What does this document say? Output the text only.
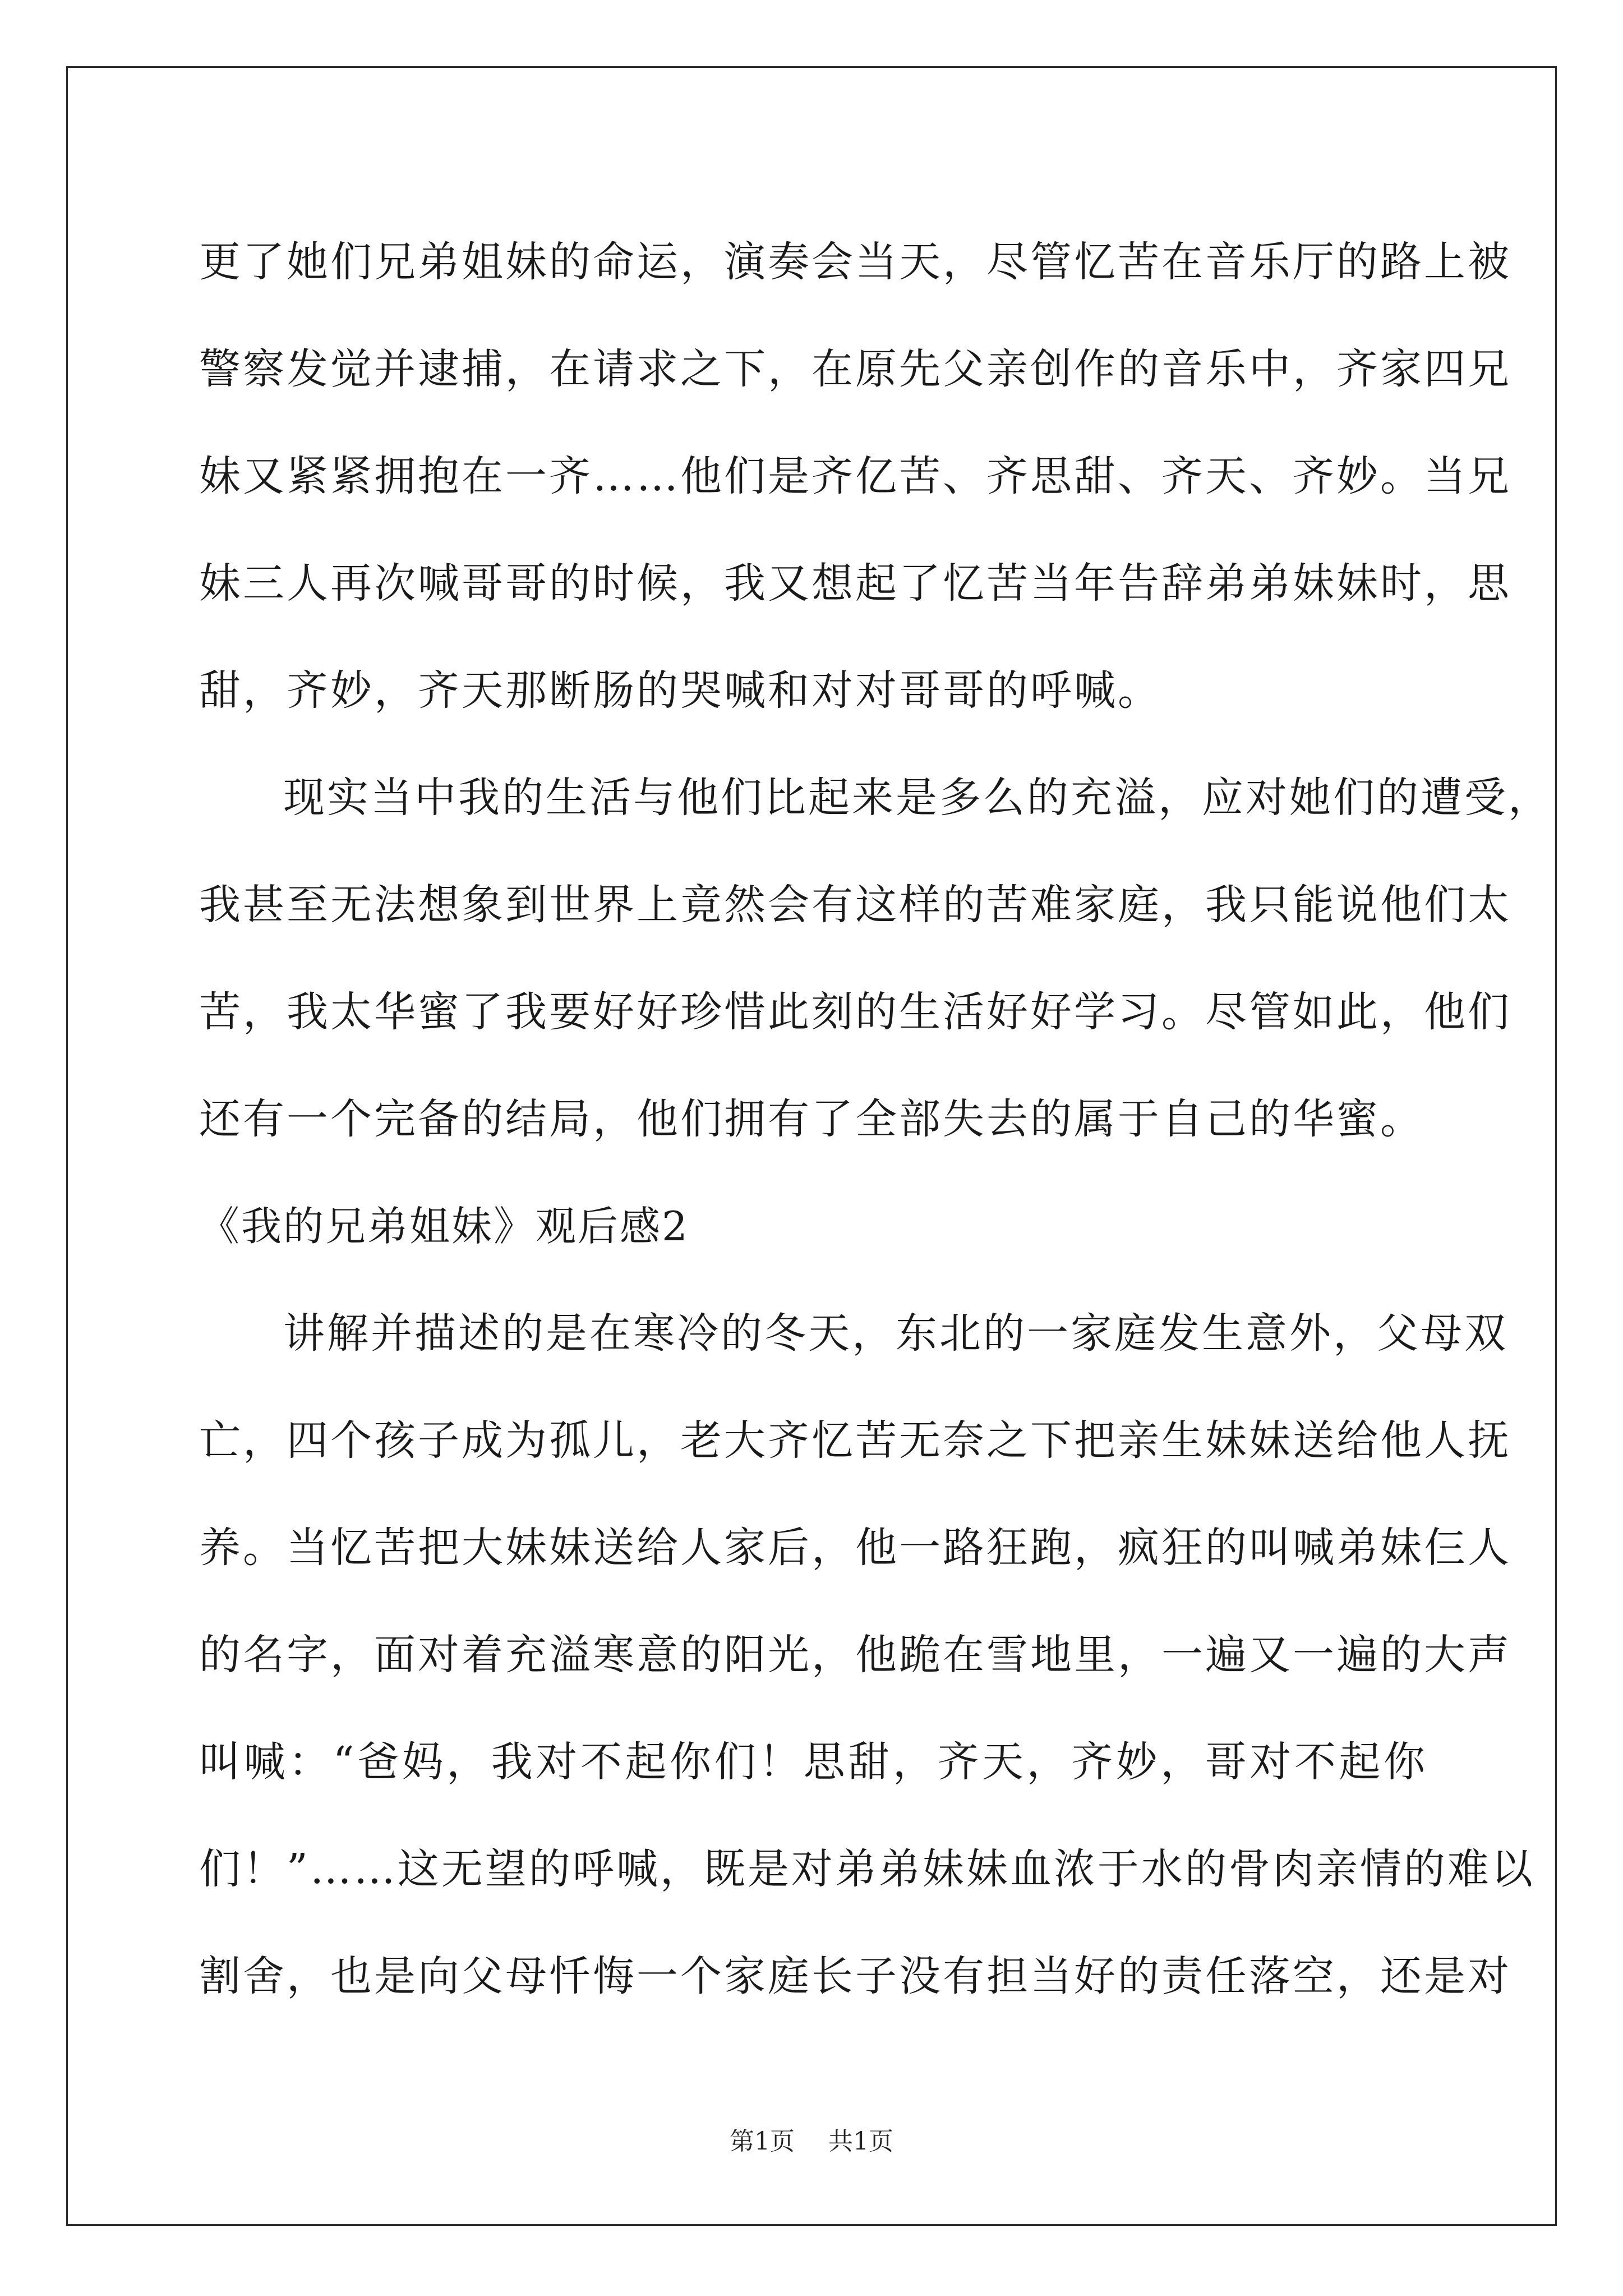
更了她们兄弟姐妹的命运，演奏会当天，尽管忆苦在音乐厅的路上被
警察发觉并逮捕，在请求之下，在原先父亲创作的音乐中，齐家四兄
妹又紧紧拥抱在一齐……他们是齐亿苦、齐思甜、齐天、齐妙。当兄
妹三人再次喊哥哥的时候，我又想起了忆苦当年告辞弟弟妹妹时，思
甜，齐妙，齐天那断肠的哭喊和对对哥哥的呼喊。
现实当中我的生活与他们比起来是多么的充溢，应对她们的遭受，
我甚至无法想象到世界上竟然会有这样的苦难家庭，我只能说他们太
苦，我太华蜜了我要好好珍惜此刻的生活好好学习。尽管如此，他们
还有一个完备的结局，他们拥有了全部失去的属于自己的华蜜。
《我的兄弟姐妹》观后感2
讲解并描述的是在寒冷的冬天，东北的一家庭发生意外，父母双
亡，四个孩子成为孤儿，老大齐忆苦无奈之下把亲生妹妹送给他人抚
养。当忆苦把大妹妹送给人家后，他一路狂跑，疯狂的叫喊弟妹仨人
的名字，面对着充溢寒意的阳光，他跪在雪地里，一遍又一遍的大声
叫喊：“爸妈，我对不起你们！思甜，齐天，齐妙，哥对不起你
们！”……这无望的呼喊，既是对弟弟妹妹血浓于水的骨肉亲情的难以
割舍，也是向父母忏悔一个家庭长子没有担当好的责任落空，还是对
第1页 共1页
